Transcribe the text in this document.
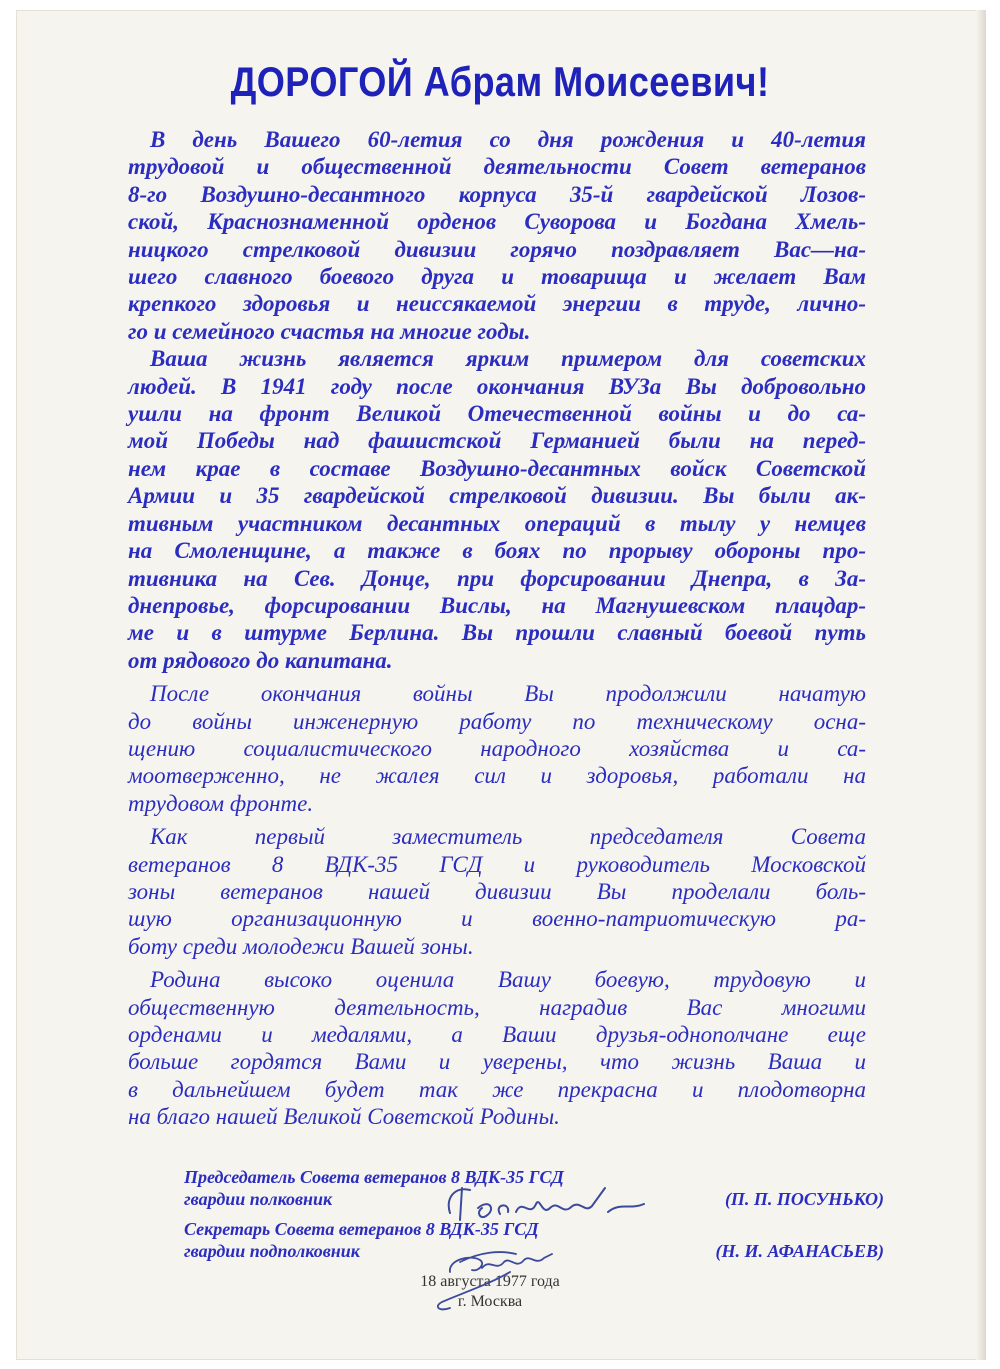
ДОРОГОЙ Абрам Моисеевич!
В день Вашего 60-летия со дня рождения и 40-летия
трудовой и общественной деятельности Совет ветеранов
8-го Воздушно-десантного корпуса 35-й гвардейской Лозов-
ской, Краснознаменной орденов Суворова и Богдана Хмель-
ницкого стрелковой дивизии горячо поздравляет Вас—на-
шего славного боевого друга и товарища и желает Вам
крепкого здоровья и неиссякаемой энергии в труде, лично-
го и семейного счастья на многие годы.
Ваша жизнь является ярким примером для советских
людей. В 1941 году после окончания ВУЗа Вы добровольно
ушли на фронт Великой Отечественной войны и до са-
мой Победы над фашистской Германией были на перед-
нем крае в составе Воздушно-десантных войск Советской
Армии и 35 гвардейской стрелковой дивизии. Вы были ак-
тивным участником десантных операций в тылу у немцев
на Смоленщине, а также в боях по прорыву обороны про-
тивника на Сев. Донце, при форсировании Днепра, в За-
днепровье, форсировании Вислы, на Магнушевском плацдар-
ме и в штурме Берлина. Вы прошли славный боевой путь
от рядового до капитана.
После окончания войны Вы продолжили начатую
до войны инженерную работу по техническому осна-
щению социалистического народного хозяйства и са-
моотверженно, не жалея сил и здоровья, работали на
трудовом фронте.
Как первый заместитель председателя Совета
ветеранов 8 ВДК-35 ГСД и руководитель Московской
зоны ветеранов нашей дивизии Вы проделали боль-
шую организационную и военно-патриотическую ра-
боту среди молодежи Вашей зоны.
Родина высоко оценила Вашу боевую, трудовую и
общественную деятельность, наградив Вас многими
орденами и медалями, а Ваши друзья-однополчане еще
больше гордятся Вами и уверены, что жизнь Ваша и
в дальнейшем будет так же прекрасна и плодотворна
на благо нашей Великой Советской Родины.
Председатель Совета ветеранов 8 ВДК-35 ГСД
гвардии полковник	(П. П. ПОСУНЬКО)
Секретарь Совета ветеранов 8 ВДК-35 ГСД
гвардии подполковник	(Н. И. АФАНАСЬЕВ)
18 августа 1977 года
г. Москва
